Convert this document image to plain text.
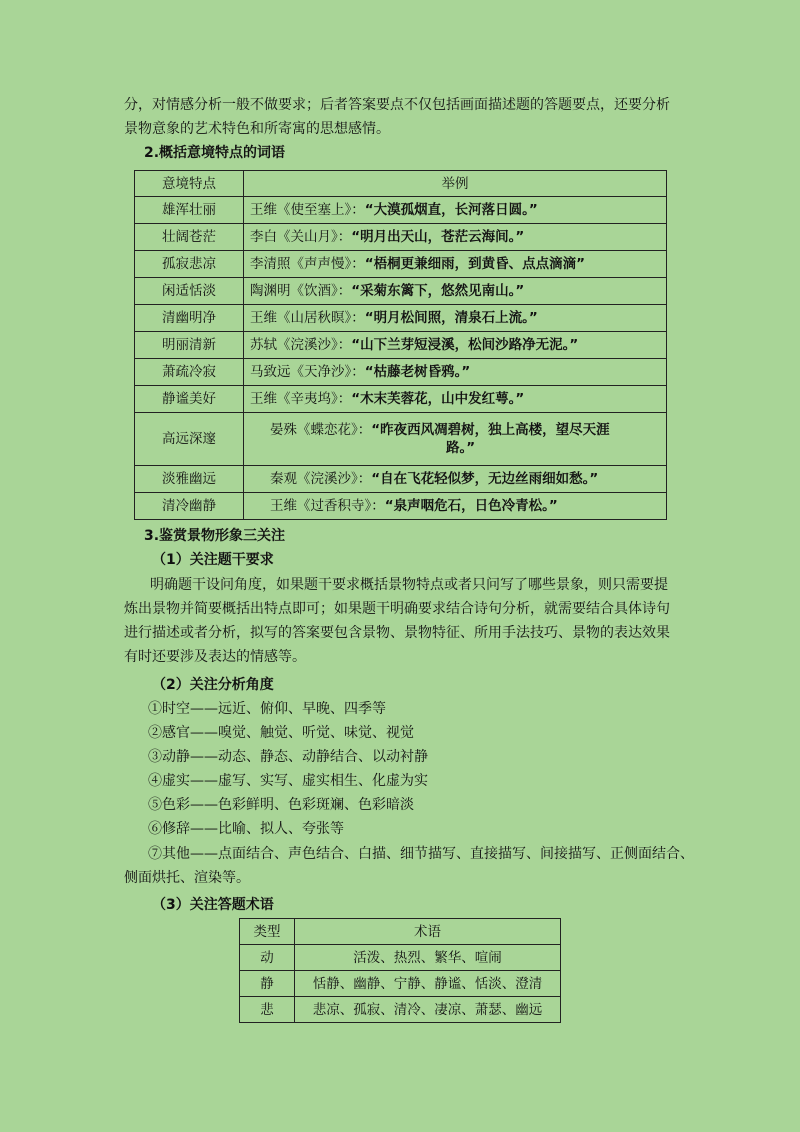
分，对情感分析一般不做要求；后者答案要点不仅包括画面描述题的答题要点，还要分析
景物意象的艺术特色和所寄寓的思想感情。
2.概括意境特点的词语
意境特点	举例
雄浑壮丽	王维《使至塞上》：“大漠孤烟直，长河落日圆。”
壮阔苍茫	李白《关山月》：“明月出天山，苍茫云海间。”
孤寂悲凉	李清照《声声慢》：“梧桐更兼细雨，到黄昏、点点滴滴”
闲适恬淡	陶渊明《饮酒》：“采菊东篱下，悠然见南山。”
清幽明净	王维《山居秋暝》：“明月松间照，清泉石上流。”
明丽清新	苏轼《浣溪沙》：“山下兰芽短浸溪，松间沙路净无泥。”
萧疏冷寂	马致远《天净沙》：“枯藤老树昏鸦。”
静谧美好	王维《辛夷坞》：“木末芙蓉花，山中发红萼。”
高远深邃	晏殊《蝶恋花》：“昨夜西风凋碧树，独上高楼，望尽天涯
路。”
淡雅幽远	秦观《浣溪沙》：“自在飞花轻似梦，无边丝雨细如愁。”
清冷幽静	王维《过香积寺》：“泉声咽危石，日色冷青松。”
3.鉴赏景物形象三关注
（1）关注题干要求
明确题干设问角度，如果题干要求概括景物特点或者只问写了哪些景象，则只需要提
炼出景物并简要概括出特点即可；如果题干明确要求结合诗句分析，就需要结合具体诗句
进行描述或者分析，拟写的答案要包含景物、景物特征、所用手法技巧、景物的表达效果
有时还要涉及表达的情感等。
（2）关注分析角度
①时空——远近、俯仰、早晚、四季等
②感官——嗅觉、触觉、听觉、味觉、视觉
③动静——动态、静态、动静结合、以动衬静
④虚实——虚写、实写、虚实相生、化虚为实
⑤色彩——色彩鲜明、色彩斑斓、色彩暗淡
⑥修辞——比喻、拟人、夸张等
⑦其他——点面结合、声色结合、白描、细节描写、直接描写、间接描写、正侧面结合、
侧面烘托、渲染等。
（3）关注答题术语
类型	术语
动	活泼、热烈、繁华、喧闹
静	恬静、幽静、宁静、静谧、恬淡、澄清
悲	悲凉、孤寂、清冷、凄凉、萧瑟、幽远
